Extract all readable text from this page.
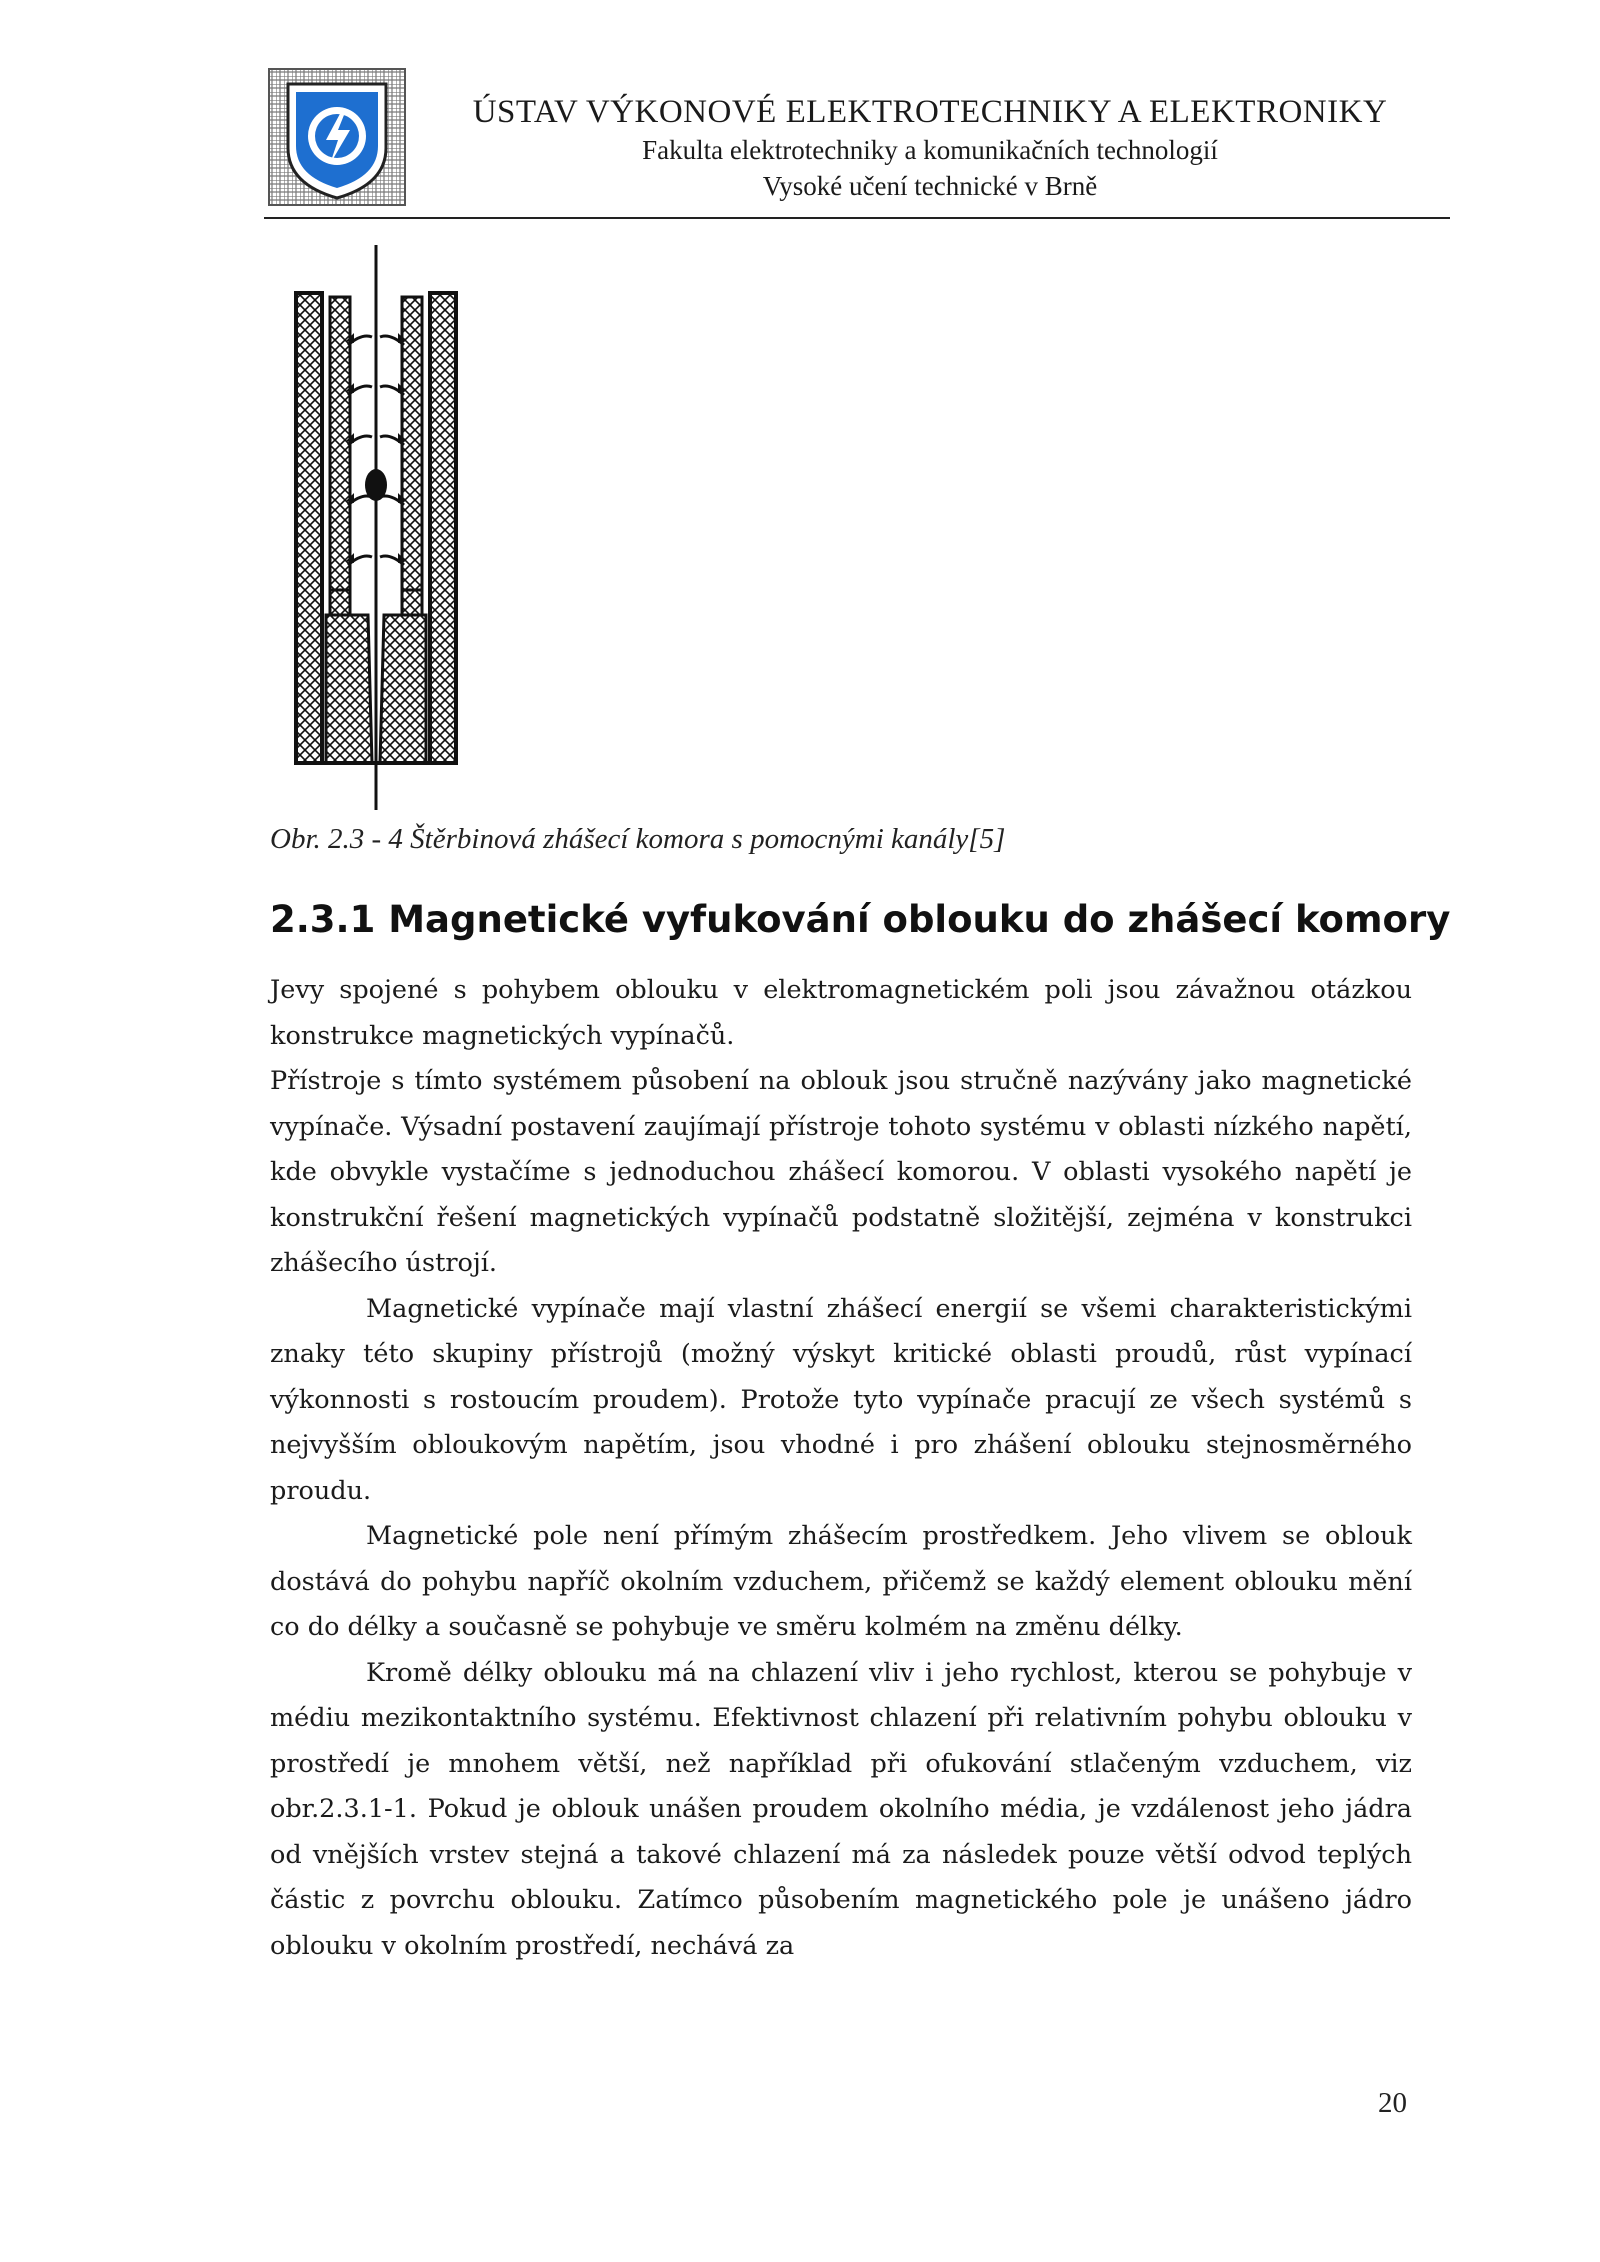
ÚSTAV VÝKONOVÉ ELEKTROTECHNIKY A ELEKTRONIKY
Fakulta elektrotechniky a komunikačních technologií
Vysoké učení technické v Brně
Obr. 2.3 - 4 Štěrbinová zhášecí komora s pomocnými kanály[5]
2.3.1 Magnetické vyfukování oblouku do zhášecí komory

Jevy spojené s pohybem oblouku v elektromagnetickém poli jsou závažnou otázkou konstrukce magnetických vypínačů.

Přístroje s tímto systémem působení na oblouk jsou stručně nazývány jako magnetické vypínače. Výsadní postavení zaujímají přístroje tohoto systému v oblasti nízkého napětí, kde obvykle vystačíme s jednoduchou zhášecí komorou. V oblasti vysokého napětí je konstrukční řešení magnetických vypínačů podstatně složitější, zejména v konstrukci zhášecího ústrojí.

Magnetické vypínače mají vlastní zhášecí energií se všemi charakteristickými znaky této skupiny přístrojů (možný výskyt kritické oblasti proudů, růst vypínací výkonnosti s rostoucím proudem). Protože tyto vypínače pracují ze všech systémů s nejvyšším obloukovým napětím, jsou vhodné i pro zhášení oblouku stejnosměrného proudu.

Magnetické pole není přímým zhášecím prostředkem. Jeho vlivem se oblouk dostává do pohybu napříč okolním vzduchem, přičemž se každý element oblouku mění co do délky a současně se pohybuje ve směru kolmém na změnu délky.

Kromě délky oblouku má na chlazení vliv i jeho rychlost, kterou se pohybuje v médiu mezikontaktního systému. Efektivnost chlazení při relativním pohybu oblouku v prostředí je mnohem větší, než například při ofukování stlačeným vzduchem, viz obr.2.3.1-1. Pokud je oblouk unášen proudem okolního média, je vzdálenost jeho jádra od vnějších vrstev stejná a takové chlazení má za následek pouze větší odvod teplých částic z povrchu oblouku. Zatímco působením magnetického pole je unášeno jádro oblouku v okolním prostředí, nechává za

20
